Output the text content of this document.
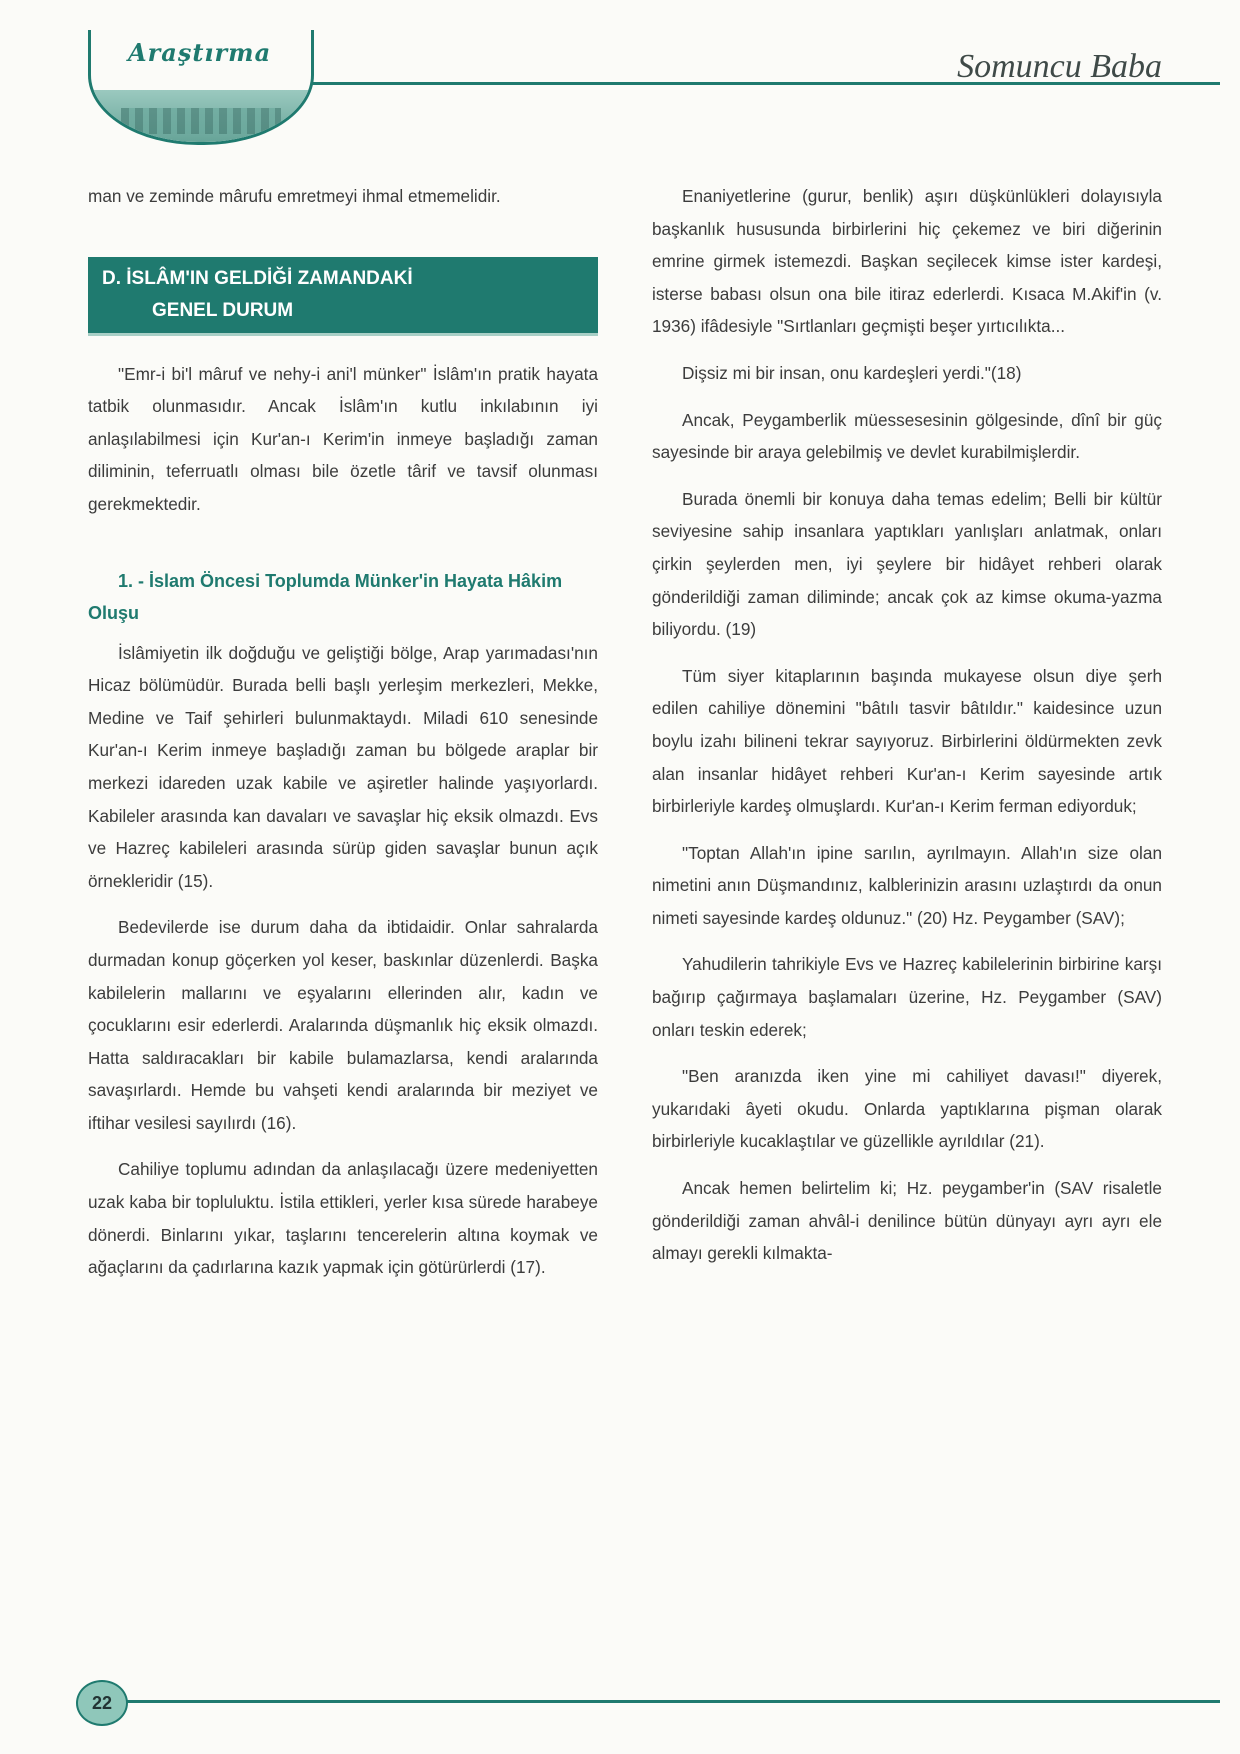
Araştırma	Somuncu Baba

man ve zeminde mârufu emretmeyi ihmal etmemelidir.

D. İSLÂM'IN GELDİĞİ ZAMANDAKİ
GENEL DURUM

"Emr-i bi'l mâruf ve nehy-i ani'l münker" İslâm'ın pratik hayata tatbik olunmasıdır. Ancak İslâm'ın kutlu inkılabının iyi anlaşılabilmesi için Kur'an-ı Kerim'in inmeye başladığı zaman diliminin, teferruatlı olması bile özetle târif ve tavsif olunması gerekmektedir.

1. - İslam Öncesi Toplumda Münker'in Hayata Hâkim Oluşu

İslâmiyetin ilk doğduğu ve geliştiği bölge, Arap yarımadası'nın Hicaz bölümüdür. Burada belli başlı yerleşim merkezleri, Mekke, Medine ve Taif şehirleri bulunmaktaydı. Miladi 610 senesinde Kur'an-ı Kerim inmeye başladığı zaman bu bölgede araplar bir merkezi idareden uzak kabile ve aşiretler halinde yaşıyorlardı. Kabileler arasında kan davaları ve savaşlar hiç eksik olmazdı. Evs ve Hazreç kabileleri arasında sürüp giden savaşlar bunun açık örnekleridir (15).

Bedevilerde ise durum daha da ibtidaidir. Onlar sahralarda durmadan konup göçerken yol keser, baskınlar düzenlerdi. Başka kabilelerin mallarını ve eşyalarını ellerinden alır, kadın ve çocuklarını esir ederlerdi. Aralarında düşmanlık hiç eksik olmazdı. Hatta saldıracakları bir kabile bulamazlarsa, kendi aralarında savaşırlardı. Hemde bu vahşeti kendi aralarında bir meziyet ve iftihar vesilesi sayılırdı (16).

Cahiliye toplumu adından da anlaşılacağı üzere medeniyetten uzak kaba bir topluluktu. İstila ettikleri, yerler kısa sürede harabeye dönerdi. Binlarını yıkar, taşlarını tencerelerin altına koymak ve ağaçlarını da çadırlarına kazık yapmak için götürürlerdi (17).

Enaniyetlerine (gurur, benlik) aşırı düşkünlükleri dolayısıyla başkanlık hususunda birbirlerini hiç çekemez ve biri diğerinin emrine girmek istemezdi. Başkan seçilecek kimse ister kardeşi, isterse babası olsun ona bile itiraz ederlerdi. Kısaca M.Akif'in (v. 1936) ifâdesiyle "Sırtlanları geçmişti beşer yırtıcılıkta...

Dişsiz mi bir insan, onu kardeşleri yerdi."(18)

Ancak, Peygamberlik müessesesinin gölgesinde, dînî bir güç sayesinde bir araya gelebilmiş ve devlet kurabilmişlerdir.

Burada önemli bir konuya daha temas edelim; Belli bir kültür seviyesine sahip insanlara yaptıkları yanlışları anlatmak, onları çirkin şeylerden men, iyi şeylere bir hidâyet rehberi olarak gönderildiği zaman diliminde; ancak çok az kimse okuma-yazma biliyordu. (19)

Tüm siyer kitaplarının başında mukayese olsun diye şerh edilen cahiliye dönemini "bâtılı tasvir bâtıldır." kaidesince uzun boylu izahı bilineni tekrar sayıyoruz. Birbirlerini öldürmekten zevk alan insanlar hidâyet rehberi Kur'an-ı Kerim sayesinde artık birbirleriyle kardeş olmuşlardı. Kur'an-ı Kerim ferman ediyorduk;

"Toptan Allah'ın ipine sarılın, ayrılmayın. Allah'ın size olan nimetini anın Düşmandınız, kalblerinizin arasını uzlaştırdı da onun nimeti sayesinde kardeş oldunuz." (20) Hz. Peygamber (SAV);

Yahudilerin tahrikiyle Evs ve Hazreç kabilelerinin birbirine karşı bağırıp çağırmaya başlamaları üzerine, Hz. Peygamber (SAV) onları teskin ederek;

"Ben aranızda iken yine mi cahiliyet davası!" diyerek, yukarıdaki âyeti okudu. Onlarda yaptıklarına pişman olarak birbirleriyle kucaklaştılar ve güzellikle ayrıldılar (21).

Ancak hemen belirtelim ki; Hz. peygamber'in (SAV risaletle gönderildiği zaman ahvâl-i denilince bütün dünyayı ayrı ayrı ele almayı gerekli kılmakta-

22
